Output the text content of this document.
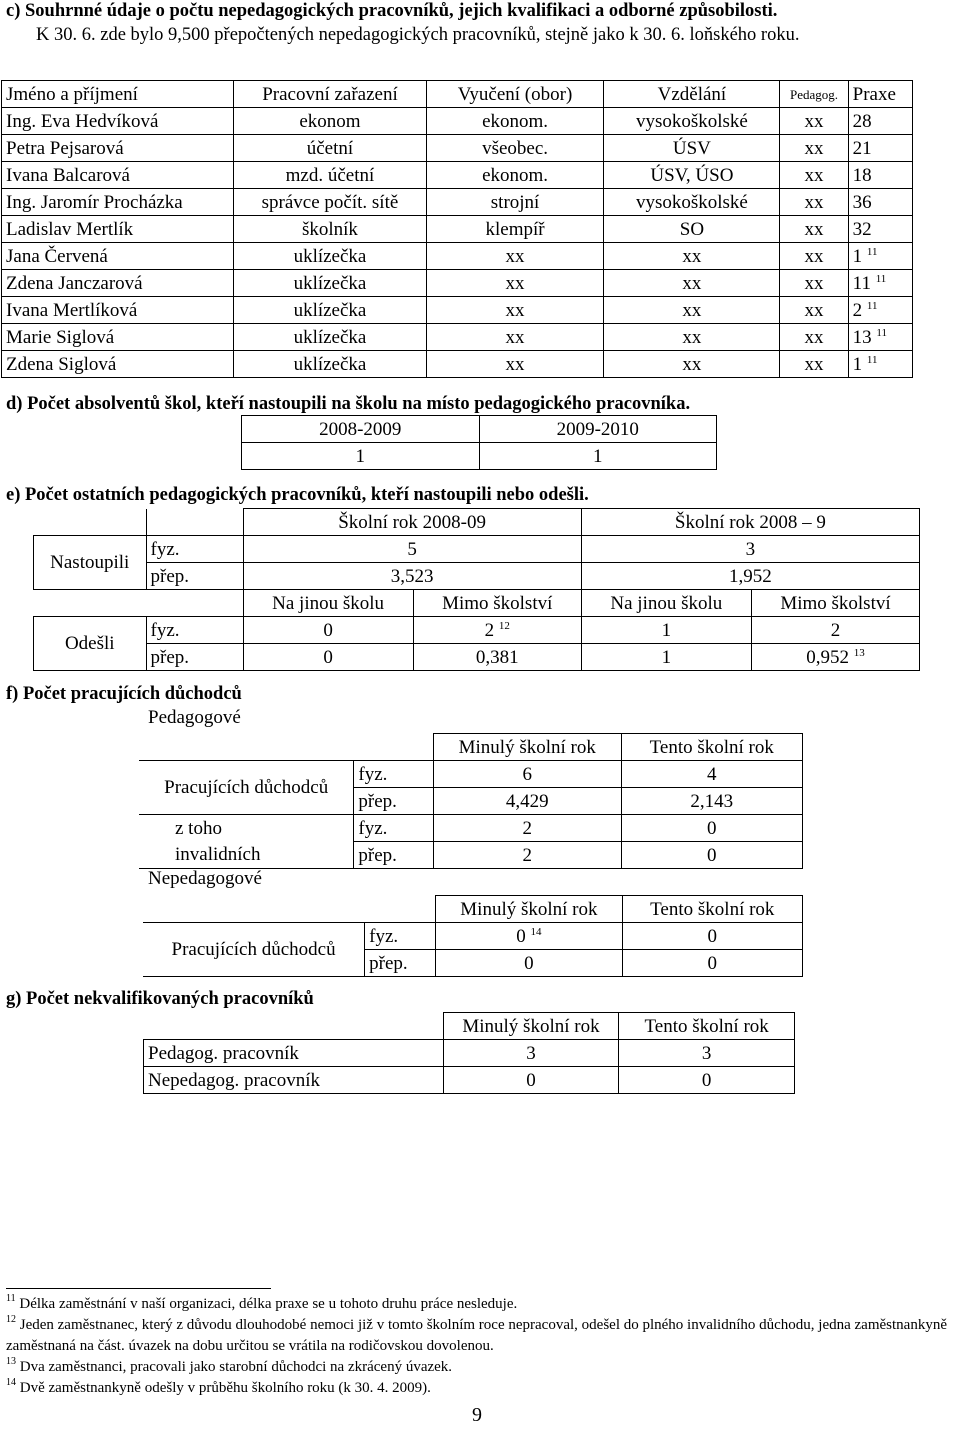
c) Souhrnné údaje o počtu nepedagogických pracovníků, jejich kvalifikaci a odborné způsobilosti.
K 30. 6. zde bylo 9,500 přepočtených nepedagogických pracovníků, stejně jako k 30. 6. loňského roku.
Jméno a příjmení	Pracovní zařazení	Vyučení (obor)	Vzdělání	Pedagog.	Praxe
Ing. Eva Hedvíková	ekonom	ekonom.	vysokoškolské	xx	28
Petra Pejsarová	účetní	všeobec.	ÚSV	xx	21
Ivana Balcarová	mzd. účetní	ekonom.	ÚSV, ÚSO	xx	18
Ing. Jaromír Procházka	správce počít. sítě	strojní	vysokoškolské	xx	36
Ladislav Mertlík	školník	klempíř	SO	xx	32
Jana Červená	uklízečka	xx	xx	xx	1 $^{11}$
Zdena Janczarová	uklízečka	xx	xx	xx	11 $^{11}$
Ivana Mertlíková	uklízečka	xx	xx	xx	2 $^{11}$
Marie Siglová	uklízečka	xx	xx	xx	13 $^{11}$
Zdena Siglová	uklízečka	xx	xx	xx	1 $^{11}$
d) Počet absolventů škol, kteří nastoupili na školu na místo pedagogického pracovníka.
2008-2009	2009-2010
1	1
e) Počet ostatních pedagogických pracovníků, kteří nastoupili nebo odešli.
		Školní rok 2008-09		Školní rok 2008 – 9	
Nastoupili	fyz.	5		3	
	přep.	3,523		1,952	
		Na jinou školu	Mimo školství	Na jinou školu	Mimo školství
Odešli	fyz.	0	2 $^{12}$	1	2
	přep.	0	0,381	1	0,952 $^{13}$
f) Počet pracujících důchodců
Pedagogové
		Minulý školní rok	Tento školní rok
Pracujících důchodců	fyz.	6	4
	přep.	4,429	2,143
z toho
invalidních	fyz.	2	0
	přep.	2	0
Nepedagogové
		Minulý školní rok	Tento školní rok
Pracujících důchodců	fyz.	0 $^{14}$	0
	přep.	0	0
g) Počet nekvalifikovaných pracovníků
	Minulý školní rok	Tento školní rok
Pedagog. pracovník	3	3
Nepedagog. pracovník	0	0
$^{11}$ Délka zaměstnání v naší organizaci, délka praxe se u tohoto druhu práce nesleduje.
$^{12}$ Jeden zaměstnanec, který z důvodu dlouhodobé nemoci již v tomto školním roce nepracoval, odešel do plného invalidního důchodu, jedna zaměstnankyně zaměstnaná na část. úvazek na dobu určitou se vrátila na rodičovskou dovolenou.
$^{13}$ Dva zaměstnanci, pracovali jako starobní důchodci na zkrácený úvazek.
$^{14}$ Dvě zaměstnankyně odešly v průběhu školního roku (k 30. 4. 2009).
9
